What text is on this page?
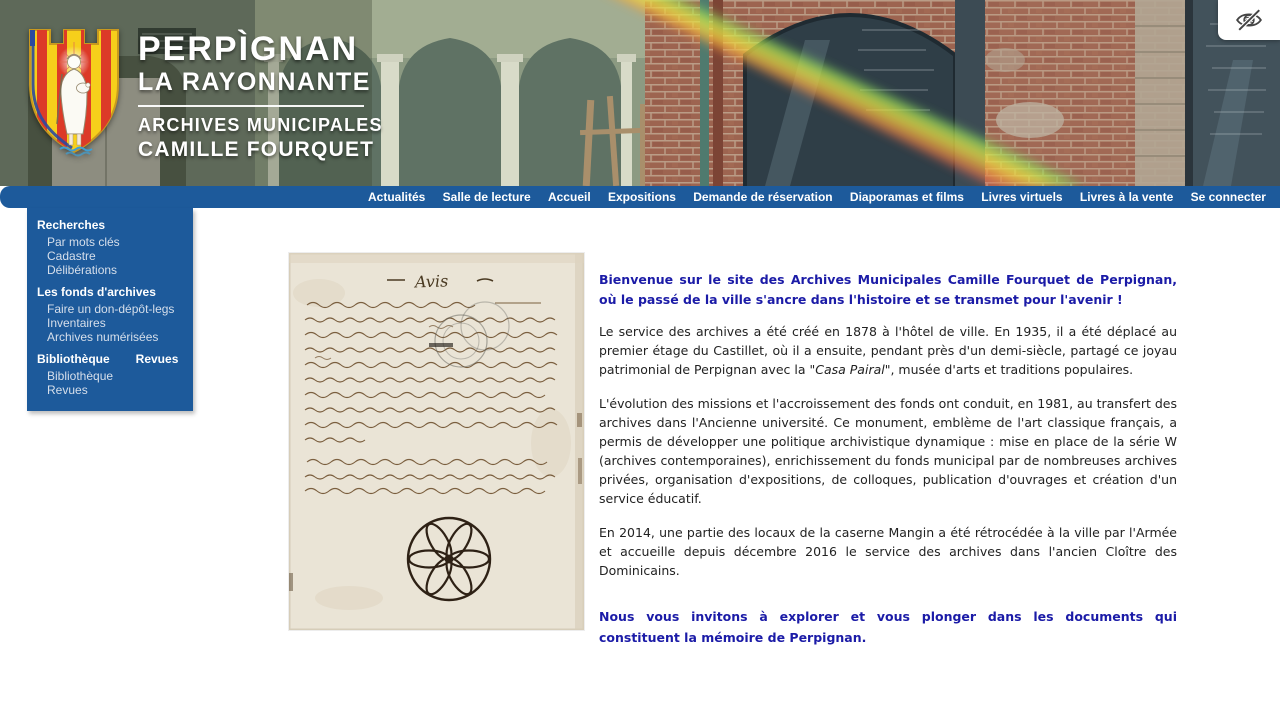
PERPÌGNAN
LA RAYONNANTE
ARCHIVES MUNICIPALES
CAMILLE FOURQUET
Actualités Salle de lecture Accueil Expositions Demande de réservation Diaporamas et films Livres virtuels Livres à la vente Se connecter
Recherches
Par mots clés
Cadastre
Délibérations
Les fonds d'archives
Faire un don-dépôt-legs
Inventaires
Archives numérisées
Bibliothèque Revues
Bibliothèque
Revues
Avis	Bienvenue sur le site des Archives Municipales Camille Fourquet de Perpignan, où le passé de la ville s'ancre dans l'histoire et se transmet pour l'avenir !

Le service des archives a été créé en 1878 à l'hôtel de ville. En 1935, il a été déplacé au premier étage du Castillet, où il a ensuite, pendant près d'un demi-siècle, partagé ce joyau patrimonial de Perpignan avec la "Casa Pairal", musée d'arts et traditions populaires.

L'évolution des missions et l'accroissement des fonds ont conduit, en 1981, au transfert des archives dans l'Ancienne université. Ce monument, emblème de l'art classique français, a permis de développer une politique archivistique dynamique : mise en place de la série W (archives contemporaines), enrichissement du fonds municipal par de nombreuses archives privées, organisation d'expositions, de colloques, publication d'ouvrages et création d'un service éducatif.

En 2014, une partie des locaux de la caserne Mangin a été rétrocédée à la ville par l'Armée et accueille depuis décembre 2016 le service des archives dans l'ancien Cloître des Dominicains.

Nous vous invitons à explorer et vous plonger dans les documents qui constituent la mémoire de Perpignan.
